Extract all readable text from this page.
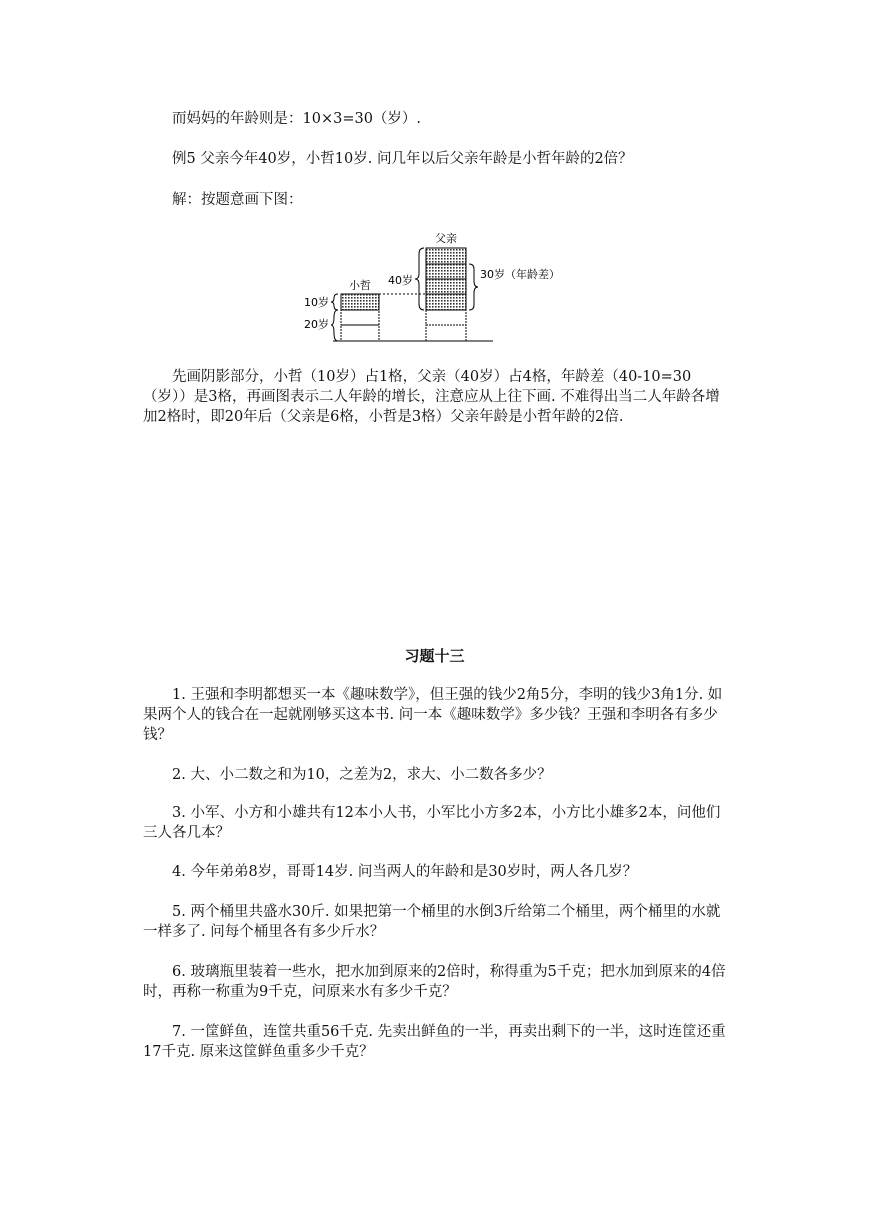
而妈妈的年龄则是：10×3=30（岁）.
例5 父亲今年40岁，小哲10岁. 问几年以后父亲年龄是小哲年龄的2倍？
解：按题意画下图：
父亲
小哲 40岁	30岁（年龄差）
10岁
20岁
先画阴影部分，小哲（10岁）占1格，父亲（40岁）占4格，年龄差（40-10=30（岁））是3格，再画图表示二人年龄的增长，注意应从上往下画. 不难得出当二人年龄各增加2格时，即20年后（父亲是6格，小哲是3格）父亲年龄是小哲年龄的2倍.
习题十三
1. 王强和李明都想买一本《趣味数学》，但王强的钱少2角5分，李明的钱少3角1分. 如果两个人的钱合在一起就刚够买这本书. 问一本《趣味数学》多少钱？王强和李明各有多少钱？
2. 大、小二数之和为10，之差为2，求大、小二数各多少？
3. 小军、小方和小雄共有12本小人书，小军比小方多2本，小方比小雄多2本，问他们三人各几本？
4. 今年弟弟8岁，哥哥14岁. 问当两人的年龄和是30岁时，两人各几岁？
5. 两个桶里共盛水30斤. 如果把第一个桶里的水倒3斤给第二个桶里，两个桶里的水就一样多了. 问每个桶里各有多少斤水？
6. 玻璃瓶里装着一些水，把水加到原来的2倍时，称得重为5千克；把水加到原来的4倍时，再称一称重为9千克，问原来水有多少千克？
7. 一筐鲜鱼，连筐共重56千克. 先卖出鲜鱼的一半，再卖出剩下的一半，这时连筐还重17千克. 原来这筐鲜鱼重多少千克？
